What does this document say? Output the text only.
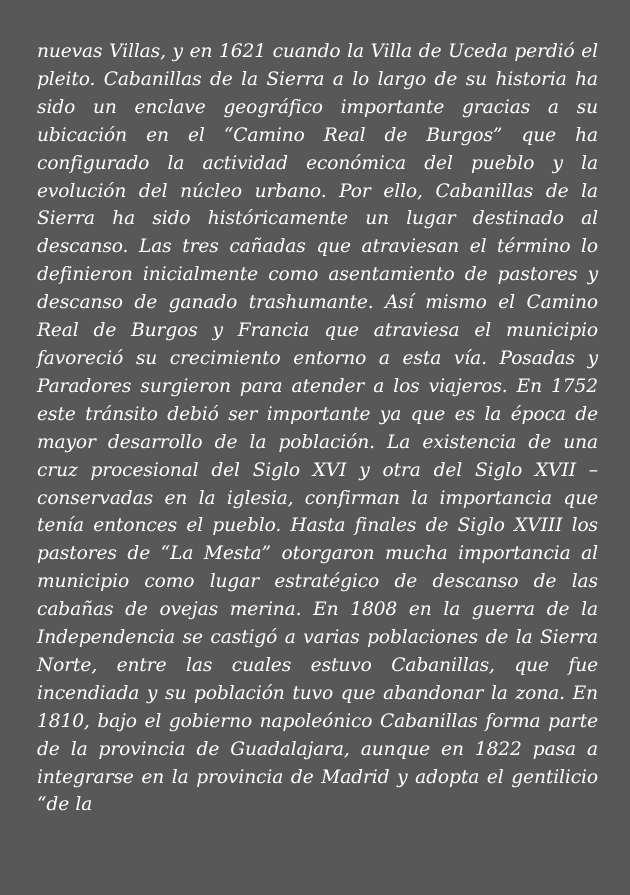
nuevas Villas, y en 1621 cuando la Villa de Uceda perdió el pleito. Cabanillas de la Sierra a lo largo de su historia ha sido un enclave geográfico importante gracias a su ubicación en el “Camino Real de Burgos” que ha configurado la actividad económica del pueblo y la evolución del núcleo urbano. Por ello, Cabanillas de la Sierra ha sido históricamente un lugar destinado al descanso. Las tres cañadas que atraviesan el término lo definieron inicialmente como asentamiento de pastores y descanso de ganado trashumante. Así mismo el Camino Real de Burgos y Francia que atraviesa el municipio favoreció su crecimiento entorno a esta vía. Posadas y Paradores surgieron para atender a los viajeros. En 1752 este tránsito debió ser importante ya que es la época de mayor desarrollo de la población. La existencia de una cruz procesional del Siglo XVI y otra del Siglo XVII – conservadas en la iglesia, confirman la importancia que tenía entonces el pueblo. Hasta finales de Siglo XVIII los pastores de “La Mesta” otorgaron mucha importancia al municipio como lugar estratégico de descanso de las cabañas de ovejas merina. En 1808 en la guerra de la Independencia se castigó a varias poblaciones de la Sierra Norte, entre las cuales estuvo Cabanillas, que fue incendiada y su población tuvo que abandonar la zona. En 1810, bajo el gobierno napoleónico Cabanillas forma parte de la provincia de Guadalajara, aunque en 1822 pasa a integrarse en la provincia de Madrid y adopta el gentilicio “de la
